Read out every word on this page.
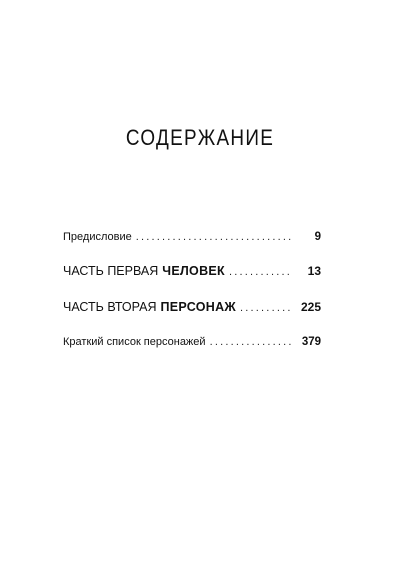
СОДЕРЖАНИЕ
Предисловие .....	9
ЧАСТЬ ПЕРВАЯ ЧЕЛОВЕК .....	13
ЧАСТЬ ВТОРАЯ ПЕРСОНАЖ .....	225
Краткий список персонажей .....	379
